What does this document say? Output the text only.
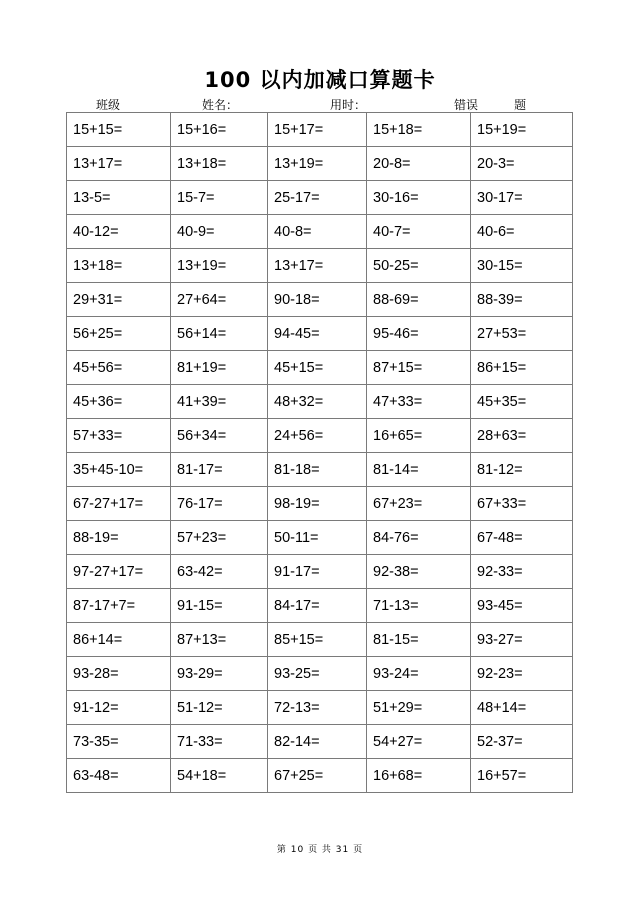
100 以内加减口算题卡
班级	姓名：	用时：	错误	题
15+15=	15+16=	15+17=	15+18=	15+19=
13+17=	13+18=	13+19=	20-8=	20-3=
13-5=	15-7=	25-17=	30-16=	30-17=
40-12=	40-9=	40-8=	40-7=	40-6=
13+18=	13+19=	13+17=	50-25=	30-15=
29+31=	27+64=	90-18=	88-69=	88-39=
56+25=	56+14=	94-45=	95-46=	27+53=
45+56=	81+19=	45+15=	87+15=	86+15=
45+36=	41+39=	48+32=	47+33=	45+35=
57+33=	56+34=	24+56=	16+65=	28+63=
35+45-10=	81-17=	81-18=	81-14=	81-12=
67-27+17=	76-17=	98-19=	67+23=	67+33=
88-19=	57+23=	50-11=	84-76=	67-48=
97-27+17=	63-42=	91-17=	92-38=	92-33=
87-17+7=	91-15=	84-17=	71-13=	93-45=
86+14=	87+13=	85+15=	81-15=	93-27=
93-28=	93-29=	93-25=	93-24=	92-23=
91-12=	51-12=	72-13=	51+29=	48+14=
73-35=	71-33=	82-14=	54+27=	52-37=
63-48=	54+18=	67+25=	16+68=	16+57=
第 10 页 共 31 页
